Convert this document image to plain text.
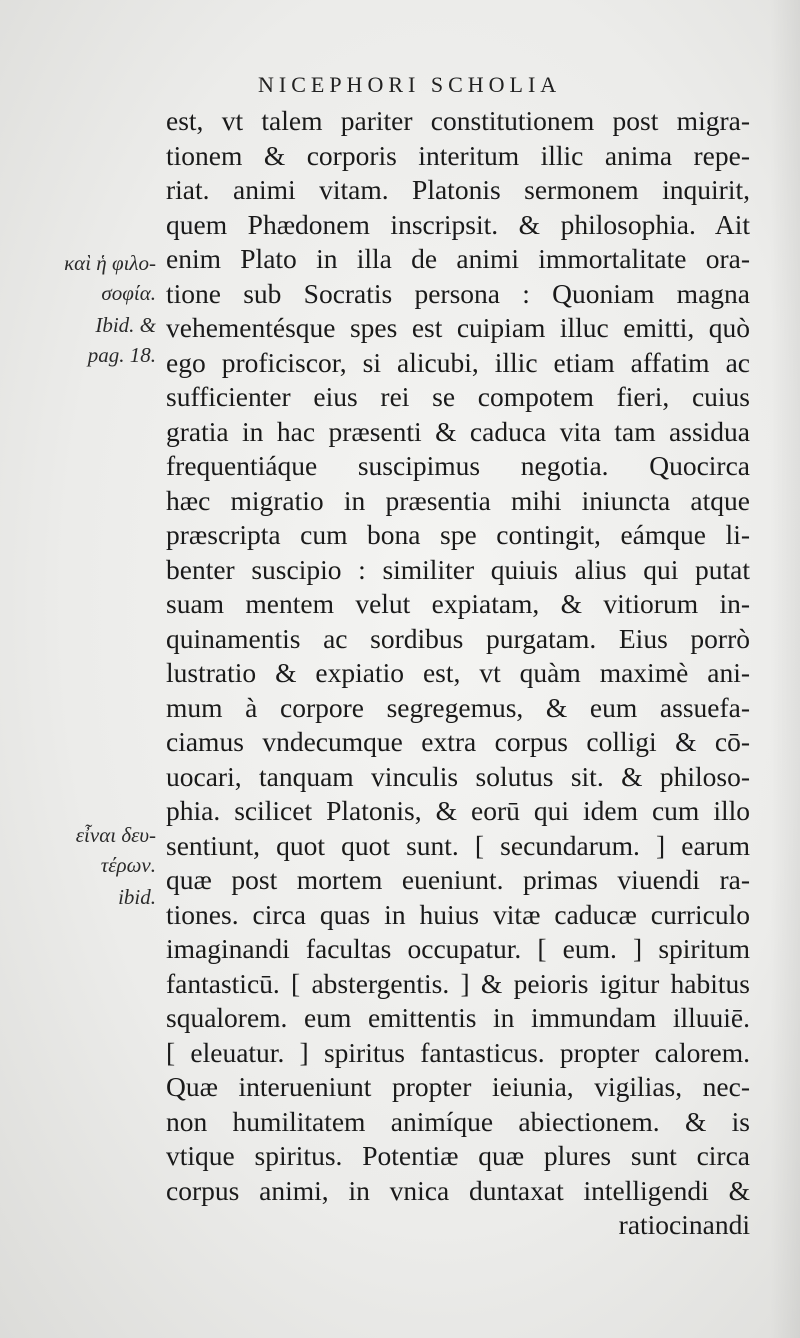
NICEPHORI SCHOLIA
καὶ ἡ φιλο-
σοφία.
Ibid. &
pag. 18.
εἶναι δευ-
τέρων.
ibid.
est, vt talem pariter constitutionem post migra-
tionem & corporis interitum illic anima repe-
riat. animi vitam. Platonis sermonem inquirit,
quem Phædonem inscripsit. & philosophia. Ait
enim Plato in illa de animi immortalitate ora-
tione sub Socratis persona : Quoniam magna
vehementésque spes est cuipiam illuc emitti, quò
ego proficiscor, si alicubi, illic etiam affatim ac
sufficienter eius rei se compotem fieri, cuius
gratia in hac præsenti & caduca vita tam assidua
frequentiáque suscipimus negotia. Quocirca
hæc migratio in præsentia mihi iniuncta atque
præscripta cum bona spe contingit, eámque li-
benter suscipio : similiter quiuis alius qui putat
suam mentem velut expiatam, & vitiorum in-
quinamentis ac sordibus purgatam. Eius porrò
lustratio & expiatio est, vt quàm maximè ani-
mum à corpore segregemus, & eum assuefa-
ciamus vndecumque extra corpus colligi & cō-
uocari, tanquam vinculis solutus sit. & philoso-
phia. scilicet Platonis, & eorū qui idem cum illo
sentiunt, quot quot sunt. [ secundarum. ] earum
quæ post mortem eueniunt. primas viuendi ra-
tiones. circa quas in huius vitæ caducæ curriculo
imaginandi facultas occupatur. [ eum. ] spiritum
fantasticū. [ abstergentis. ] & peioris igitur habitus
squalorem. eum emittentis in immundam illuuiē.
[ eleuatur. ] spiritus fantasticus. propter calorem.
Quæ interueniunt propter ieiunia, vigilias, nec-
non humilitatem animíque abiectionem. & is
vtique spiritus. Potentiæ quæ plures sunt circa
corpus animi, in vnica duntaxat intelligendi &
ratiocinandi
